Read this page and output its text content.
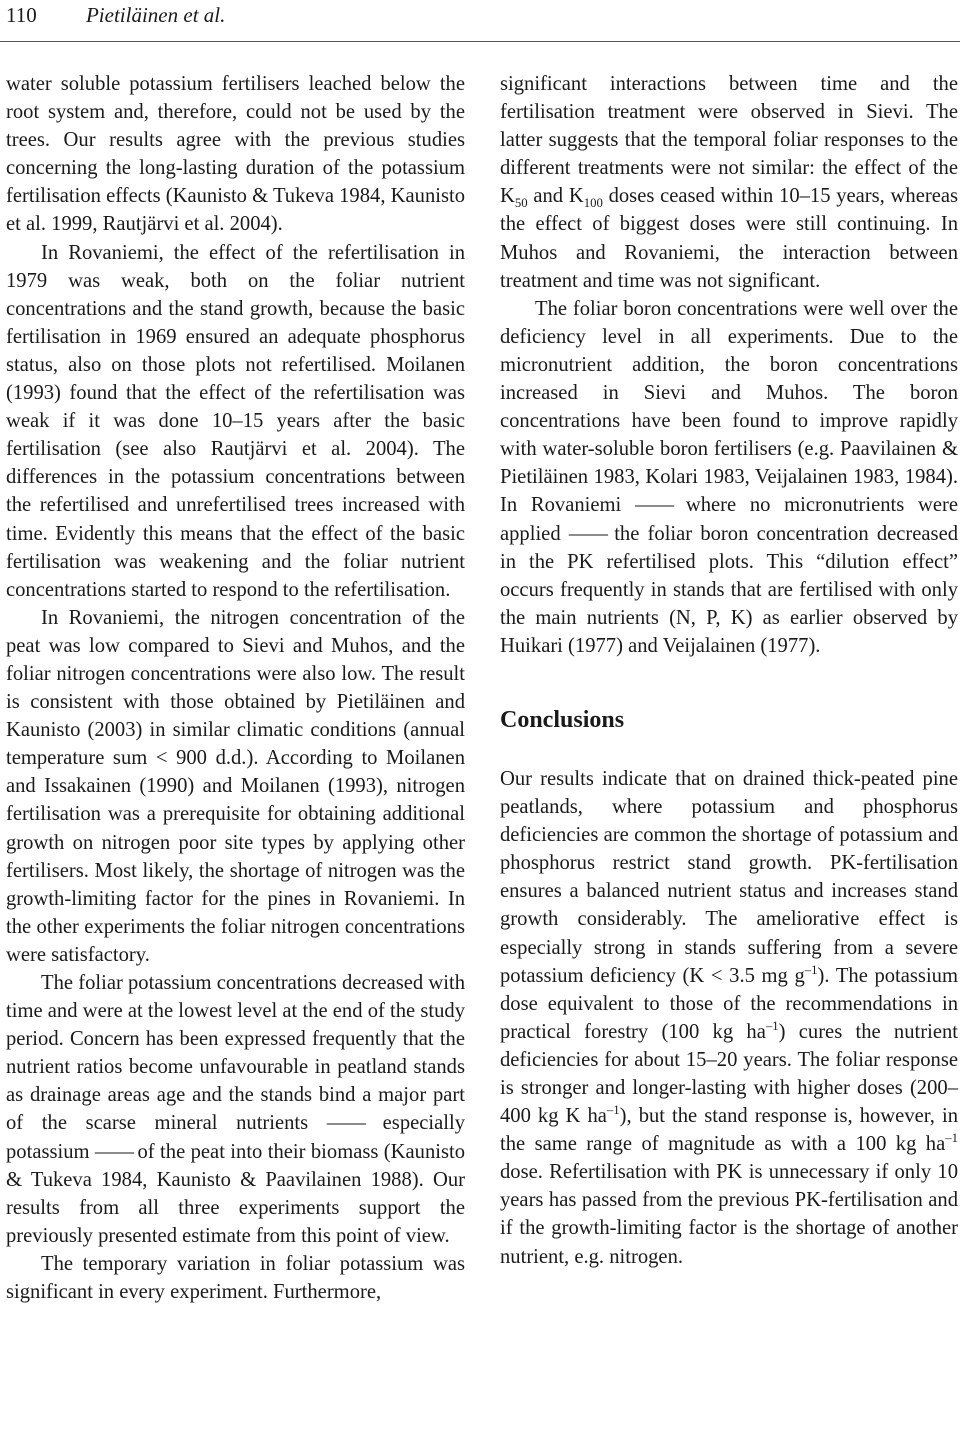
110 Pietiläinen et al.

water soluble potassium fertilisers leached below the root system and, therefore, could not be used by the trees. Our results agree with the previous studies concerning the long-lasting duration of the potassium fertilisation effects (Kaunisto & Tukeva 1984, Kaunisto et al. 1999, Rautjärvi et al. 2004).

In Rovaniemi, the effect of the refertilisation in 1979 was weak, both on the foliar nutrient concentrations and the stand growth, because the basic fertilisation in 1969 ensured an adequate phosphorus status, also on those plots not refertilised. Moilanen (1993) found that the effect of the refertilisation was weak if it was done 10–15 years after the basic fertilisation (see also Rautjärvi et al. 2004). The differences in the potassium concentrations between the refertilised and unrefertilised trees increased with time. Evidently this means that the effect of the basic fertilisation was weakening and the foliar nutrient concentrations started to respond to the refertilisation.

In Rovaniemi, the nitrogen concentration of the peat was low compared to Sievi and Muhos, and the foliar nitrogen concentrations were also low. The result is consistent with those obtained by Pietiläinen and Kaunisto (2003) in similar climatic conditions (annual temperature sum < 900 d.d.). According to Moilanen and Issakainen (1990) and Moilanen (1993), nitrogen fertilisation was a prerequisite for obtaining additional growth on nitrogen poor site types by applying other fertilisers. Most likely, the shortage of nitrogen was the growth-limiting factor for the pines in Rovaniemi. In the other experiments the foliar nitrogen concentrations were satisfactory.

The foliar potassium concentrations decreased with time and were at the lowest level at the end of the study period. Concern has been expressed frequently that the nutrient ratios become unfavourable in peatland stands as drainage areas age and the stands bind a major part of the scarse mineral nutrients —— especially potassium —— of the peat into their biomass (Kaunisto & Tukeva 1984, Kaunisto & Paavilainen 1988). Our results from all three experiments support the previously presented estimate from this point of view.

The temporary variation in foliar potassium was significant in every experiment. Furthermore,

significant interactions between time and the fertilisation treatment were observed in Sievi. The latter suggests that the temporal foliar responses to the different treatments were not similar: the effect of the $K_{50}$ and $K_{100}$ doses ceased within 10–15 years, whereas the effect of biggest doses were still continuing. In Muhos and Rovaniemi, the interaction between treatment and time was not significant.

The foliar boron concentrations were well over the deficiency level in all experiments. Due to the micronutrient addition, the boron concentrations increased in Sievi and Muhos. The boron concentrations have been found to improve rapidly with water-soluble boron fertilisers (e.g. Paavilainen & Pietiläinen 1983, Kolari 1983, Veijalainen 1983, 1984). In Rovaniemi —— where no micronutrients were applied —— the foliar boron concentration decreased in the PK refertilised plots. This “dilution effect” occurs frequently in stands that are fertilised with only the main nutrients (N, P, K) as earlier observed by Huikari (1977) and Veijalainen (1977).

Conclusions

Our results indicate that on drained thick-peated pine peatlands, where potassium and phosphorus deficiencies are common the shortage of potassium and phosphorus restrict stand growth. PK-fertilisation ensures a balanced nutrient status and increases stand growth considerably. The ameliorative effect is especially strong in stands suffering from a severe potassium deficiency (K < 3.5 mg $g^{-1}$). The potassium dose equivalent to those of the recommendations in practical forestry (100 kg $ha^{-1}$) cures the nutrient deficiencies for about 15–20 years. The foliar response is stronger and longer-lasting with higher doses (200–400 kg K $ha^{-1}$), but the stand response is, however, in the same range of magnitude as with a 100 kg $ha^{-1}$ dose. Refertilisation with PK is unnecessary if only 10 years has passed from the previous PK-fertilisation and if the growth-limiting factor is the shortage of another nutrient, e.g. nitrogen.
